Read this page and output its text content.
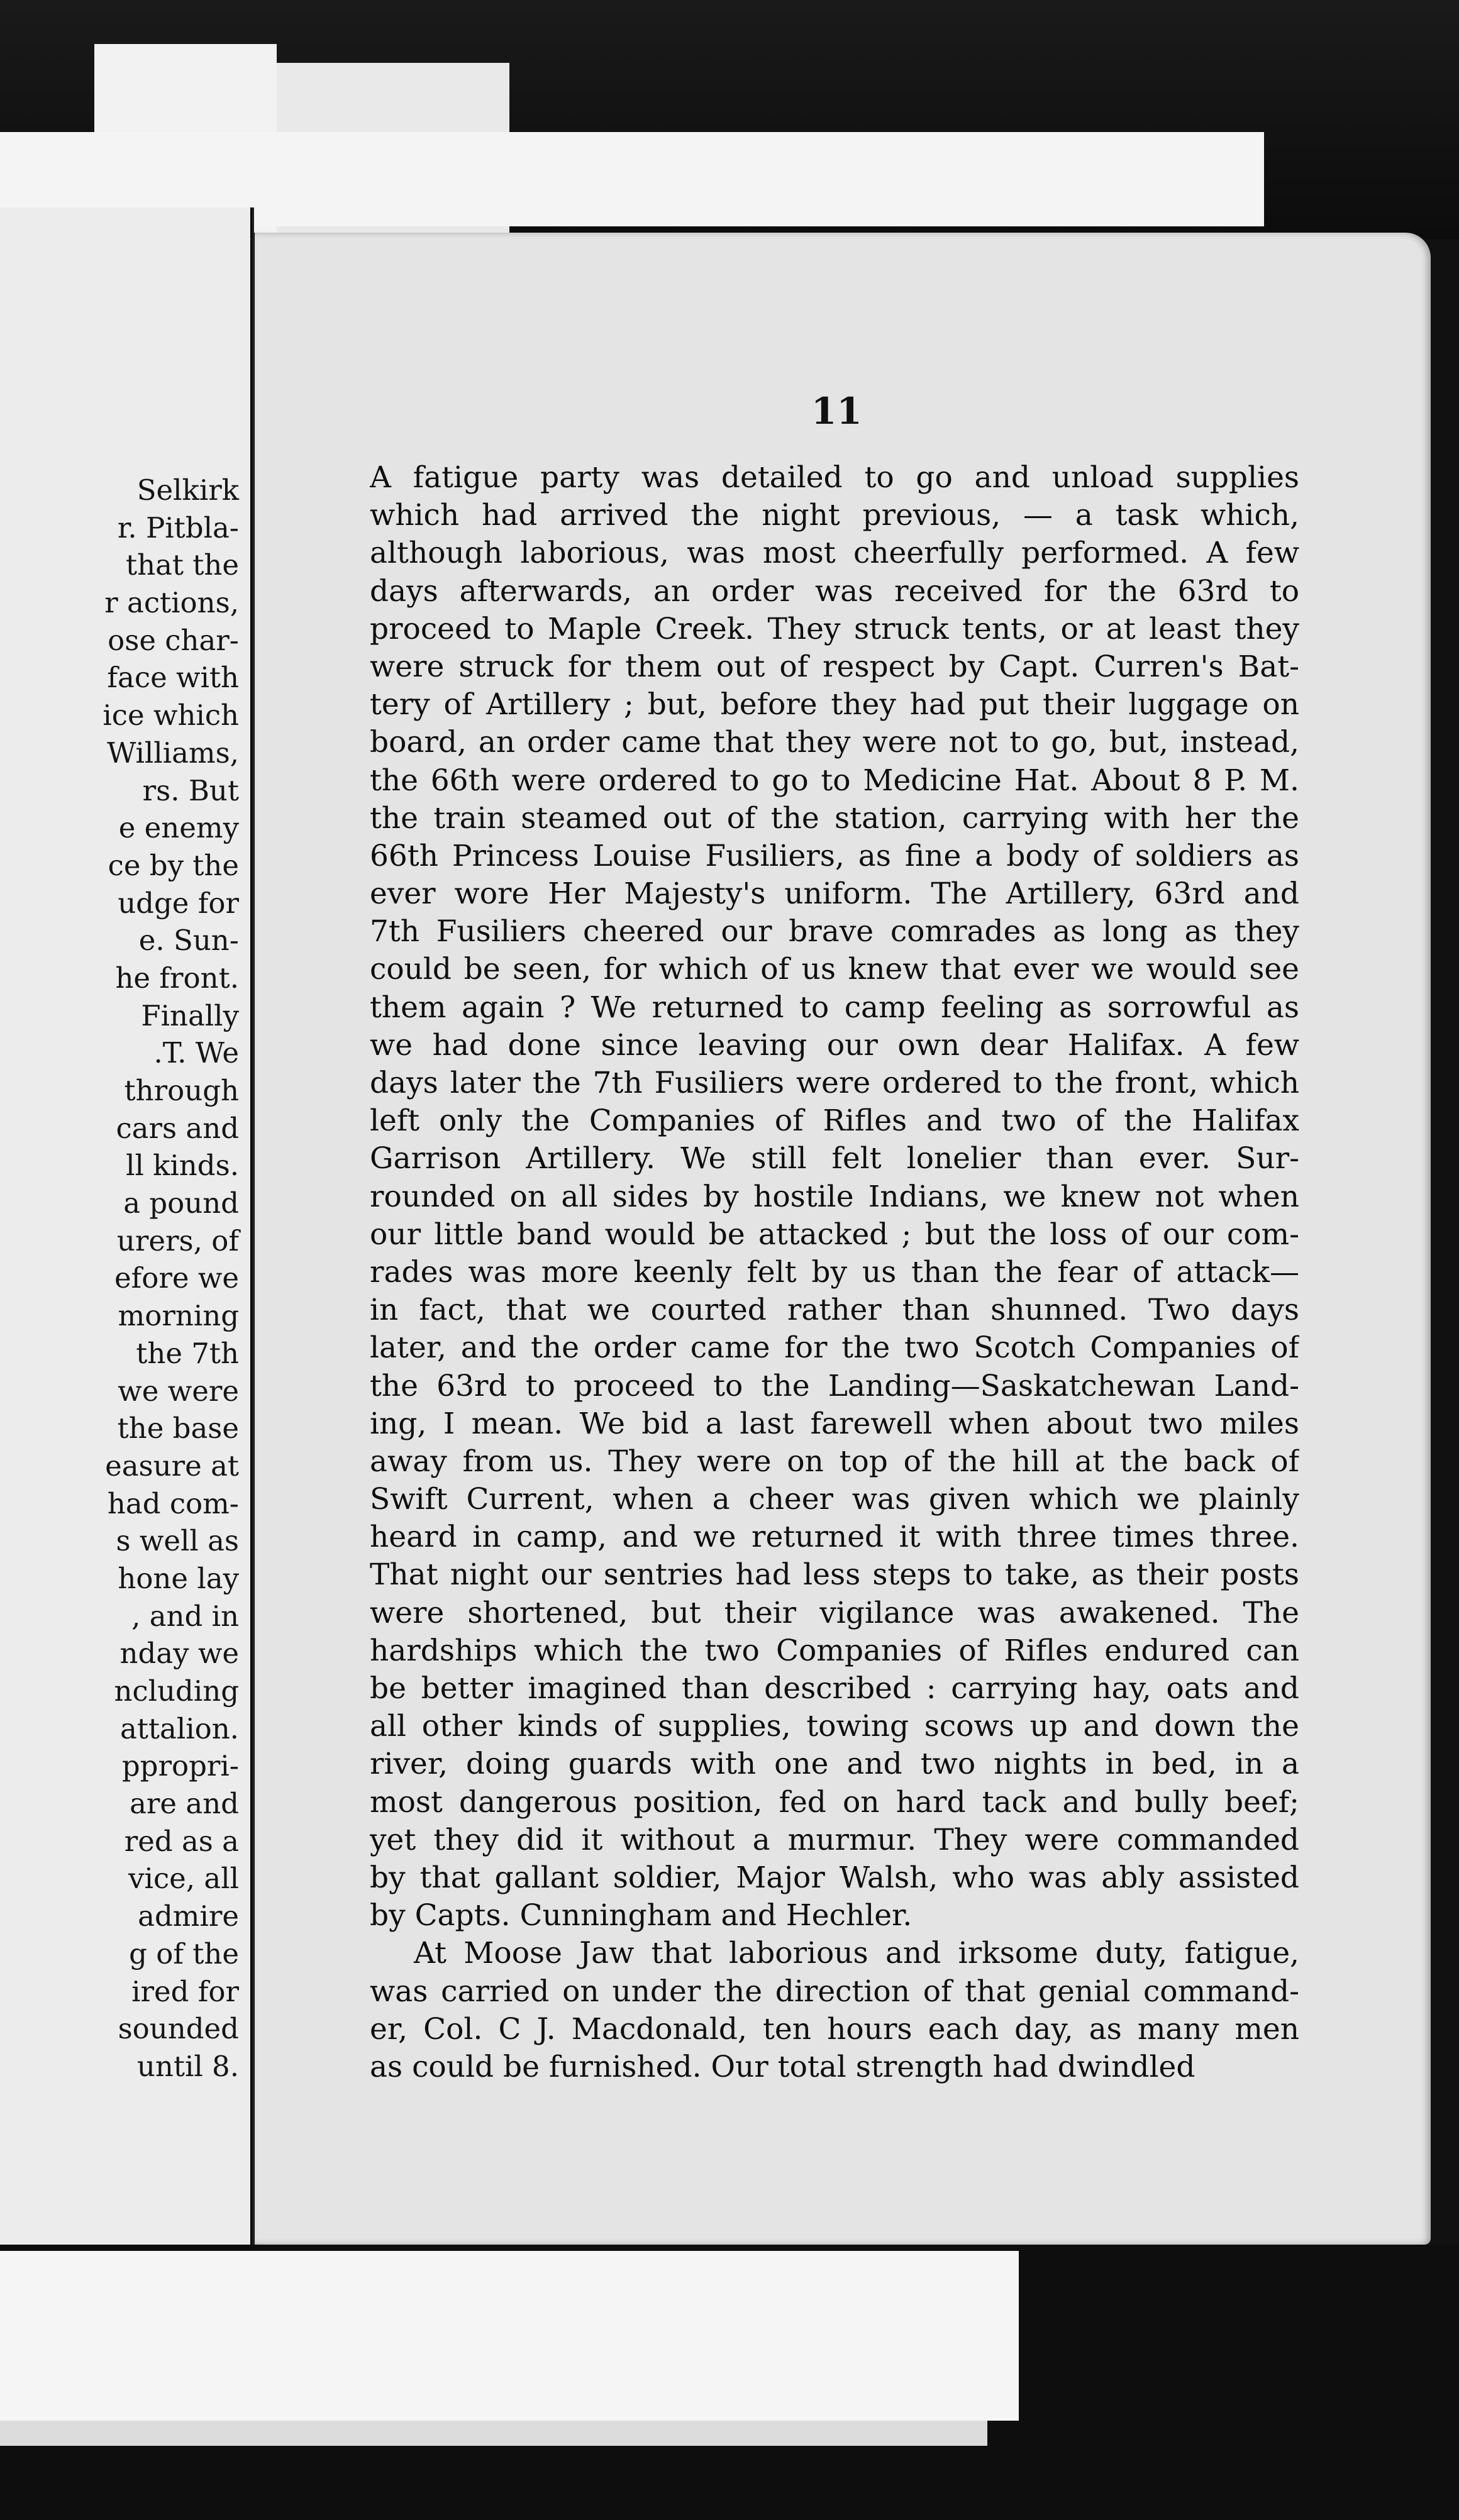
Selkirk
r. Pitbla-
that the
r actions,
ose char-
face with
ice which
Williams,
rs. But
e enemy
ce by the
udge for
e. Sun-
he front.
Finally
.T. We
through
cars and
ll kinds.
a pound
urers, of
efore we
morning
the 7th
we were
the base
easure at
had com-
s well as
hone lay
, and in
nday we
ncluding
attalion.
ppropri-
are and
red as a
vice, all
admire
g of the
ired for
sounded
until 8.
11
A fatigue party was detailed to go and unload supplies
which had arrived the night previous, — a task which,
although laborious, was most cheerfully performed. A few
days afterwards, an order was received for the 63rd to
proceed to Maple Creek. They struck tents, or at least they
were struck for them out of respect by Capt. Curren's Bat-
tery of Artillery ; but, before they had put their luggage on
board, an order came that they were not to go, but, instead,
the 66th were ordered to go to Medicine Hat. About 8 P. M.
the train steamed out of the station, carrying with her the
66th Princess Louise Fusiliers, as fine a body of soldiers as
ever wore Her Majesty's uniform. The Artillery, 63rd and
7th Fusiliers cheered our brave comrades as long as they
could be seen, for which of us knew that ever we would see
them again ? We returned to camp feeling as sorrowful as
we had done since leaving our own dear Halifax. A few
days later the 7th Fusiliers were ordered to the front, which
left only the Companies of Rifles and two of the Halifax
Garrison Artillery. We still felt lonelier than ever. Sur-
rounded on all sides by hostile Indians, we knew not when
our little band would be attacked ; but the loss of our com-
rades was more keenly felt by us than the fear of attack—
in fact, that we courted rather than shunned. Two days
later, and the order came for the two Scotch Companies of
the 63rd to proceed to the Landing—Saskatchewan Land-
ing, I mean. We bid a last farewell when about two miles
away from us. They were on top of the hill at the back of
Swift Current, when a cheer was given which we plainly
heard in camp, and we returned it with three times three.
That night our sentries had less steps to take, as their posts
were shortened, but their vigilance was awakened. The
hardships which the two Companies of Rifles endured can
be better imagined than described : carrying hay, oats and
all other kinds of supplies, towing scows up and down the
river, doing guards with one and two nights in bed, in a
most dangerous position, fed on hard tack and bully beef;
yet they did it without a murmur. They were commanded
by that gallant soldier, Major Walsh, who was ably assisted
by Capts. Cunningham and Hechler.
At Moose Jaw that laborious and irksome duty, fatigue,
was carried on under the direction of that genial command-
er, Col. C J. Macdonald, ten hours each day, as many men
as could be furnished. Our total strength had dwindled
